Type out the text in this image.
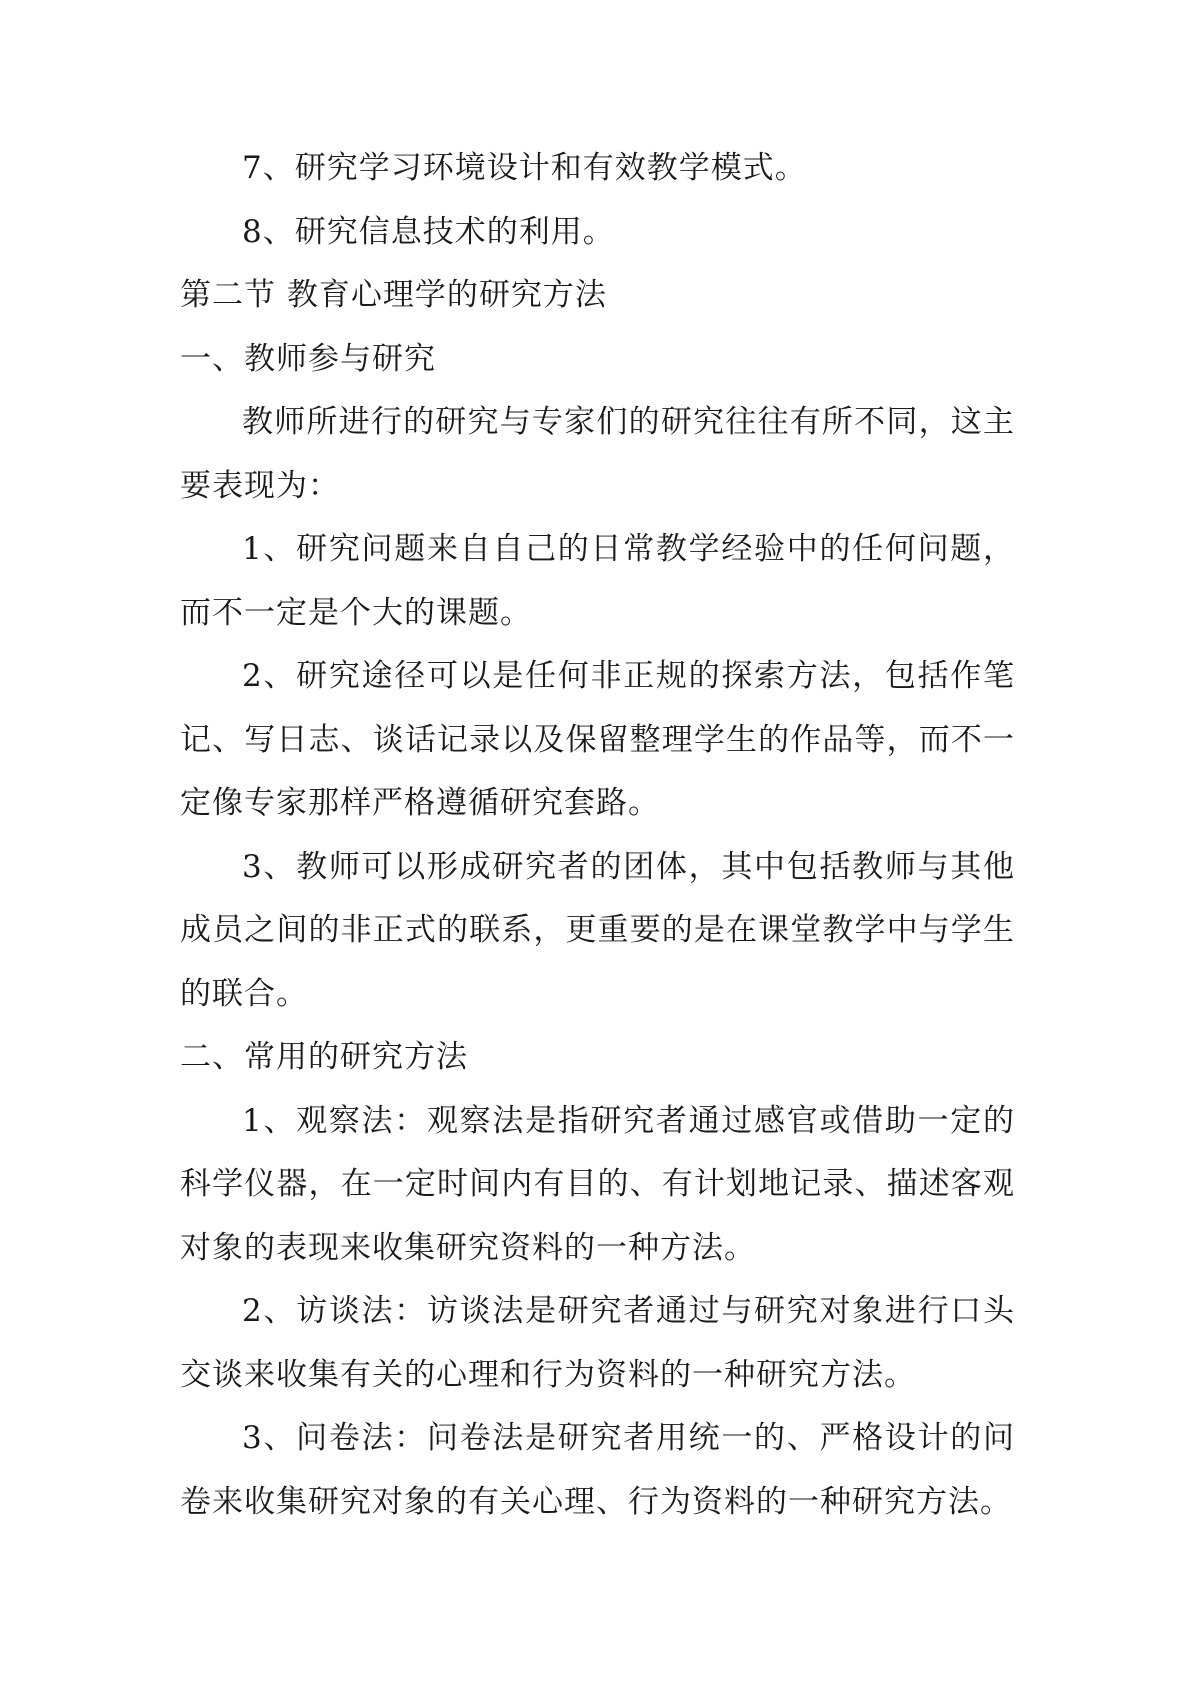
7、研究学习环境设计和有效教学模式。

8、研究信息技术的利用。

第二节 教育心理学的研究方法

一、教师参与研究

教师所进行的研究与专家们的研究往往有所不同，这主要表现为：

1、研究问题来自自己的日常教学经验中的任何问题，而不一定是个大的课题。

2、研究途径可以是任何非正规的探索方法，包括作笔记、写日志、谈话记录以及保留整理学生的作品等，而不一定像专家那样严格遵循研究套路。

3、教师可以形成研究者的团体，其中包括教师与其他成员之间的非正式的联系，更重要的是在课堂教学中与学生的联合。

二、常用的研究方法

1、观察法：观察法是指研究者通过感官或借助一定的科学仪器，在一定时间内有目的、有计划地记录、描述客观对象的表现来收集研究资料的一种方法。

2、访谈法：访谈法是研究者通过与研究对象进行口头交谈来收集有关的心理和行为资料的一种研究方法。

3、问卷法：问卷法是研究者用统一的、严格设计的问卷来收集研究对象的有关心理、行为资料的一种研究方法。
